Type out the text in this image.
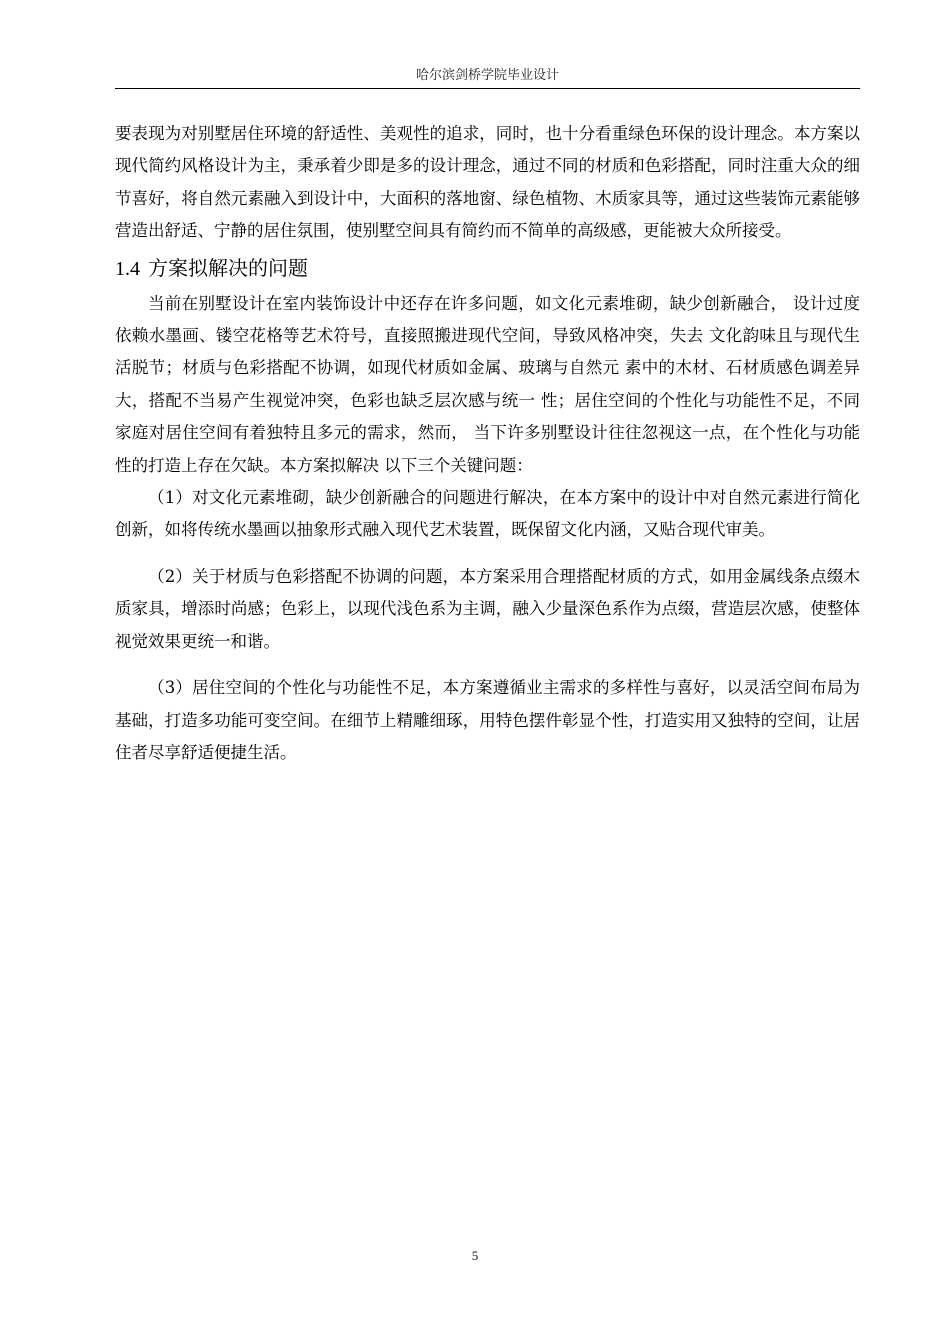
哈尔滨剑桥学院毕业设计

要表现为对别墅居住环境的舒适性、美观性的追求，同时，也十分看重绿色环保的设计理念。本方案以现代简约风格设计为主，秉承着少即是多的设计理念，通过不同的材质和色彩搭配，同时注重大众的细节喜好，将自然元素融入到设计中，大面积的落地窗、绿色植物、木质家具等，通过这些装饰元素能够营造出舒适、宁静的居住氛围，使别墅空间具有简约而不简单的高级感，更能被大众所接受。

1.4 方案拟解决的问题

当前在别墅设计在室内装饰设计中还存在许多问题，如文化元素堆砌，缺少创新融合， 设计过度依赖水墨画、镂空花格等艺术符号，直接照搬进现代空间，导致风格冲突，失去 文化韵味且与现代生活脱节；材质与色彩搭配不协调，如现代材质如金属、玻璃与自然元 素中的木材、石材质感色调差异大，搭配不当易产生视觉冲突，色彩也缺乏层次感与统一 性；居住空间的个性化与功能性不足，不同家庭对居住空间有着独特且多元的需求，然而， 当下许多别墅设计往往忽视这一点，在个性化与功能性的打造上存在欠缺。本方案拟解决 以下三个关键问题：

（1）对文化元素堆砌，缺少创新融合的问题进行解决，在本方案中的设计中对自然元素进行简化创新，如将传统水墨画以抽象形式融入现代艺术装置，既保留文化内涵，又贴合现代审美。

（2）关于材质与色彩搭配不协调的问题，本方案采用合理搭配材质的方式，如用金属线条点缀木质家具，增添时尚感；色彩上，以现代浅色系为主调，融入少量深色系作为点缀，营造层次感，使整体视觉效果更统一和谐。

（3）居住空间的个性化与功能性不足，本方案遵循业主需求的多样性与喜好，以灵活空间布局为基础，打造多功能可变空间。在细节上精雕细琢，用特色摆件彰显个性，打造实用又独特的空间，让居住者尽享舒适便捷生活。

5
